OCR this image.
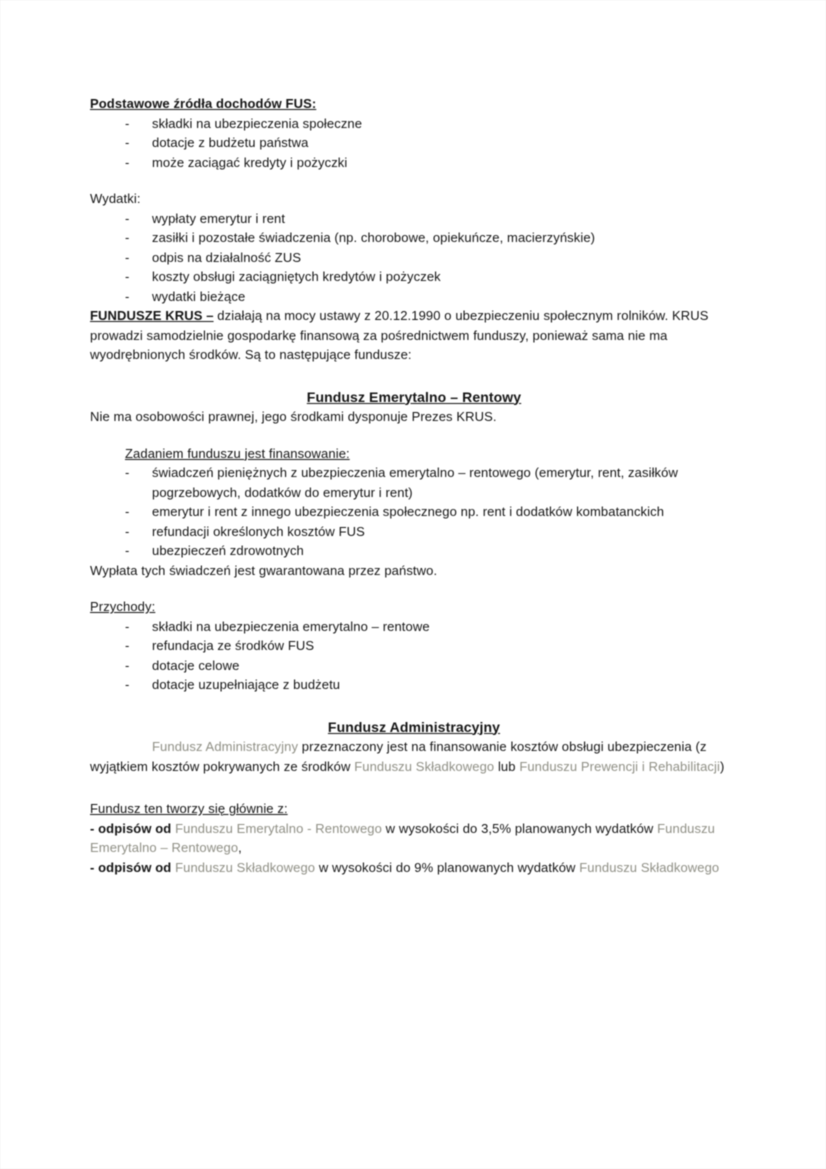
Podstawowe źródła dochodów FUS:
- składki na ubezpieczenia społeczne
- dotacje z budżetu państwa
- może zaciągać kredyty i pożyczki
Wydatki:
- wypłaty emerytur i rent
- zasiłki i pozostałe świadczenia (np. chorobowe, opiekuńcze, macierzyńskie)
- odpis na działalność ZUS
- koszty obsługi zaciągniętych kredytów i pożyczek
- wydatki bieżące

FUNDUSZE KRUS – działają na mocy ustawy z 20.12.1990 o ubezpieczeniu społecznym rolników. KRUS prowadzi samodzielnie gospodarkę finansową za pośrednictwem funduszy, ponieważ sama nie ma wyodrębnionych środków. Są to następujące fundusze:

Fundusz Emerytalno – Rentowy

Nie ma osobowości prawnej, jego środkami dysponuje Prezes KRUS.

Zadaniem funduszu jest finansowanie:
- świadczeń pieniężnych z ubezpieczenia emerytalno – rentowego (emerytur, rent, zasiłków pogrzebowych, dodatków do emerytur i rent)
- emerytur i rent z innego ubezpieczenia społecznego np. rent i dodatków kombatanckich
- refundacji określonych kosztów FUS
- ubezpieczeń zdrowotnych

Wypłata tych świadczeń jest gwarantowana przez państwo.

Przychody:
- składki na ubezpieczenia emerytalno – rentowe
- refundacja ze środków FUS
- dotacje celowe
- dotacje uzupełniające z budżetu
Fundusz Administracyjny

Fundusz Administracyjny przeznaczony jest na finansowanie kosztów obsługi ubezpieczenia (z wyjątkiem kosztów pokrywanych ze środków Funduszu Składkowego lub Funduszu Prewencji i Rehabilitacji)

Fundusz ten tworzy się głównie z:

- odpisów od Funduszu Emerytalno - Rentowego w wysokości do 3,5% planowanych wydatków Funduszu Emerytalno – Rentowego,

- odpisów od Funduszu Składkowego w wysokości do 9% planowanych wydatków Funduszu Składkowego
